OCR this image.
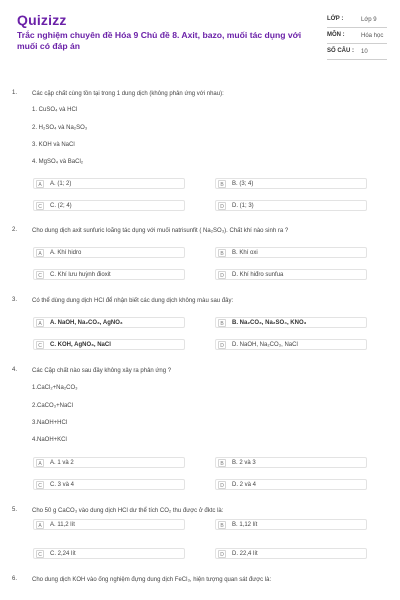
Quizizz
Trắc nghiệm chuyên đề Hóa 9 Chủ đề 8. Axit, bazo, muối tác dụng với muối có đáp án
LỚP :	Lớp 9
MÔN :	Hóa học
SỐ CÂU :	10
1.	Các cặp chất cùng tồn tại trong 1 dung dịch (không phản ứng với nhau):
1. CuSO₄ và HCl
2. H₂SO₄ và Na₂SO₃
3. KOH và NaCl
4. MgSO₄ và BaCl₂
A	A. (1; 2)	B	B. (3; 4)
C	C. (2; 4)	D	D. (1; 3)
2.	Cho dung dịch axit sunfuric loãng tác dụng với muối natrisunfit ( Na₂SO₃). Chất khí nào sinh ra ?
A	A. Khí hidro	B	B. Khí oxi
C	C. Khí lưu huỳnh đioxit	D	D. Khí hiđro sunfua
3.	Có thể dùng dung dịch HCl để nhận biết các dung dịch không màu sau đây:
A	A. NaOH, Na₂CO₃, AgNO₃	B	B. Na₂CO₃, Na₂SO₄, KNO₃
C	C. KOH, AgNO₃, NaCl	D	D. NaOH, Na₂CO₃, NaCl
4.	Các Cặp chất nào sau đây không xảy ra phản ứng ?
1.CaCl₂+Na₂CO₃
2.CaCO₃+NaCl
3.NaOH+HCl
4.NaOH+KCl
A	A. 1 và 2	B	B. 2 và 3
C	C. 3 và 4	D	D. 2 và 4
5.	Cho 50 g CaCO₃ vào dung dịch HCl dư thể tích CO₂ thu được ở đktc là:
A	A. 11,2 lít	B	B. 1,12 lít
C	C. 2,24 lít	D	D. 22,4 lít
6.	Cho dung dịch KOH vào ống nghiệm đựng dung dịch FeCl₃, hiện tượng quan sát được là:
